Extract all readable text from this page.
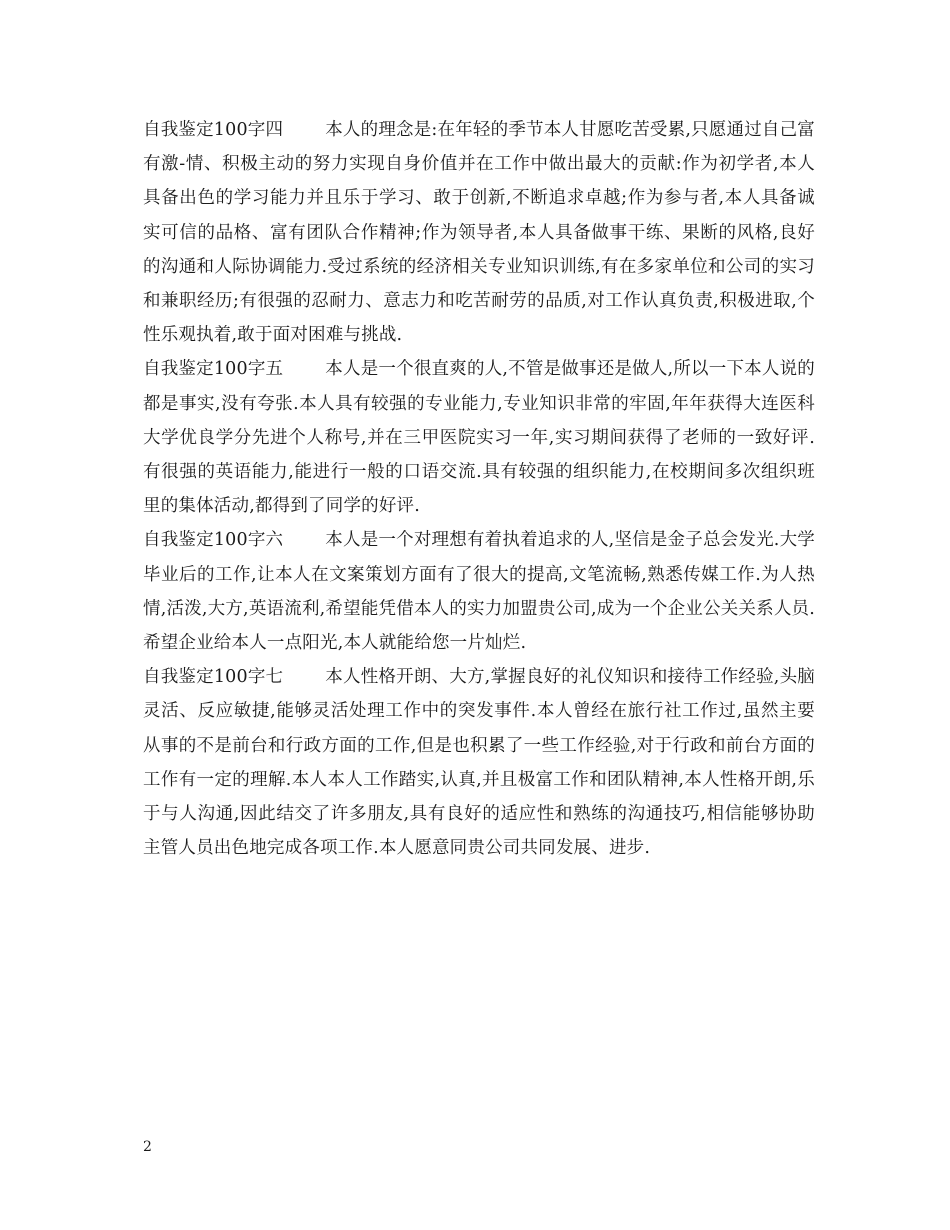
自我鉴定100字四 本人的理念是:在年轻的季节本人甘愿吃苦受累,只愿通过自己富有激-情、积极主动的努力实现自身价值并在工作中做出最大的贡献:作为初学者,本人具备出色的学习能力并且乐于学习、敢于创新,不断追求卓越;作为参与者,本人具备诚实可信的品格、富有团队合作精神;作为领导者,本人具备做事干练、果断的风格,良好的沟通和人际协调能力.受过系统的经济相关专业知识训练,有在多家单位和公司的实习和兼职经历;有很强的忍耐力、意志力和吃苦耐劳的品质,对工作认真负责,积极进取,个性乐观执着,敢于面对困难与挑战.

自我鉴定100字五 本人是一个很直爽的人,不管是做事还是做人,所以一下本人说的都是事实,没有夸张.本人具有较强的专业能力,专业知识非常的牢固,年年获得大连医科大学优良学分先进个人称号,并在三甲医院实习一年,实习期间获得了老师的一致好评.有很强的英语能力,能进行一般的口语交流.具有较强的组织能力,在校期间多次组织班里的集体活动,都得到了同学的好评.

自我鉴定100字六 本人是一个对理想有着执着追求的人,坚信是金子总会发光.大学毕业后的工作,让本人在文案策划方面有了很大的提高,文笔流畅,熟悉传媒工作.为人热情,活泼,大方,英语流利,希望能凭借本人的实力加盟贵公司,成为一个企业公关关系人员.希望企业给本人一点阳光,本人就能给您一片灿烂.

自我鉴定100字七 本人性格开朗、大方,掌握良好的礼仪知识和接待工作经验,头脑灵活、反应敏捷,能够灵活处理工作中的突发事件.本人曾经在旅行社工作过,虽然主要从事的不是前台和行政方面的工作,但是也积累了一些工作经验,对于行政和前台方面的工作有一定的理解.本人本人工作踏实,认真,并且极富工作和团队精神,本人性格开朗,乐于与人沟通,因此结交了许多朋友,具有良好的适应性和熟练的沟通技巧,相信能够协助主管人员出色地完成各项工作.本人愿意同贵公司共同发展、进步.

2
